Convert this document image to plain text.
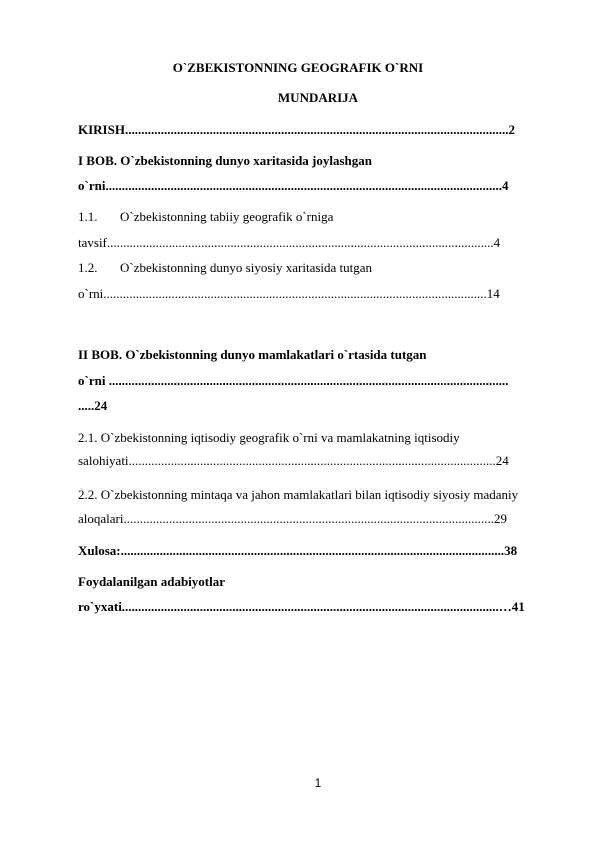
O`ZBEKISTONNING GEOGRAFIK O`RNI
MUNDARIJA
KIRISH......................................................................................................................2
I BOB. O`zbekistonning dunyo xaritasida joylashgan
o`rni..........................................................................................................................4
1.1. O`zbekistonning tabiiy geografik o`rniga
tavsif.......................................................................................................................4
1.2. O`zbekistonning dunyo siyosiy xaritasida tutgan
o`rni......................................................................................................................14
II BOB. O`zbekistonning dunyo mamlakatlari o`rtasida tutgan
o`rni ...........................................................................................................................
.....24
2.1. O`zbekistonning iqtisodiy geografik o`rni va mamlakatning iqtisodiy
salohiyati.................................................................................................................24
2.2. O`zbekistonning mintaqa va jahon mamlakatlari bilan iqtisodiy siyosiy madaniy
aloqalari..................................................................................................................29
Xulosa:......................................................................................................................38
Foydalanilgan adabiyotlar
ro`yxati....................................................................................................................…41
1
